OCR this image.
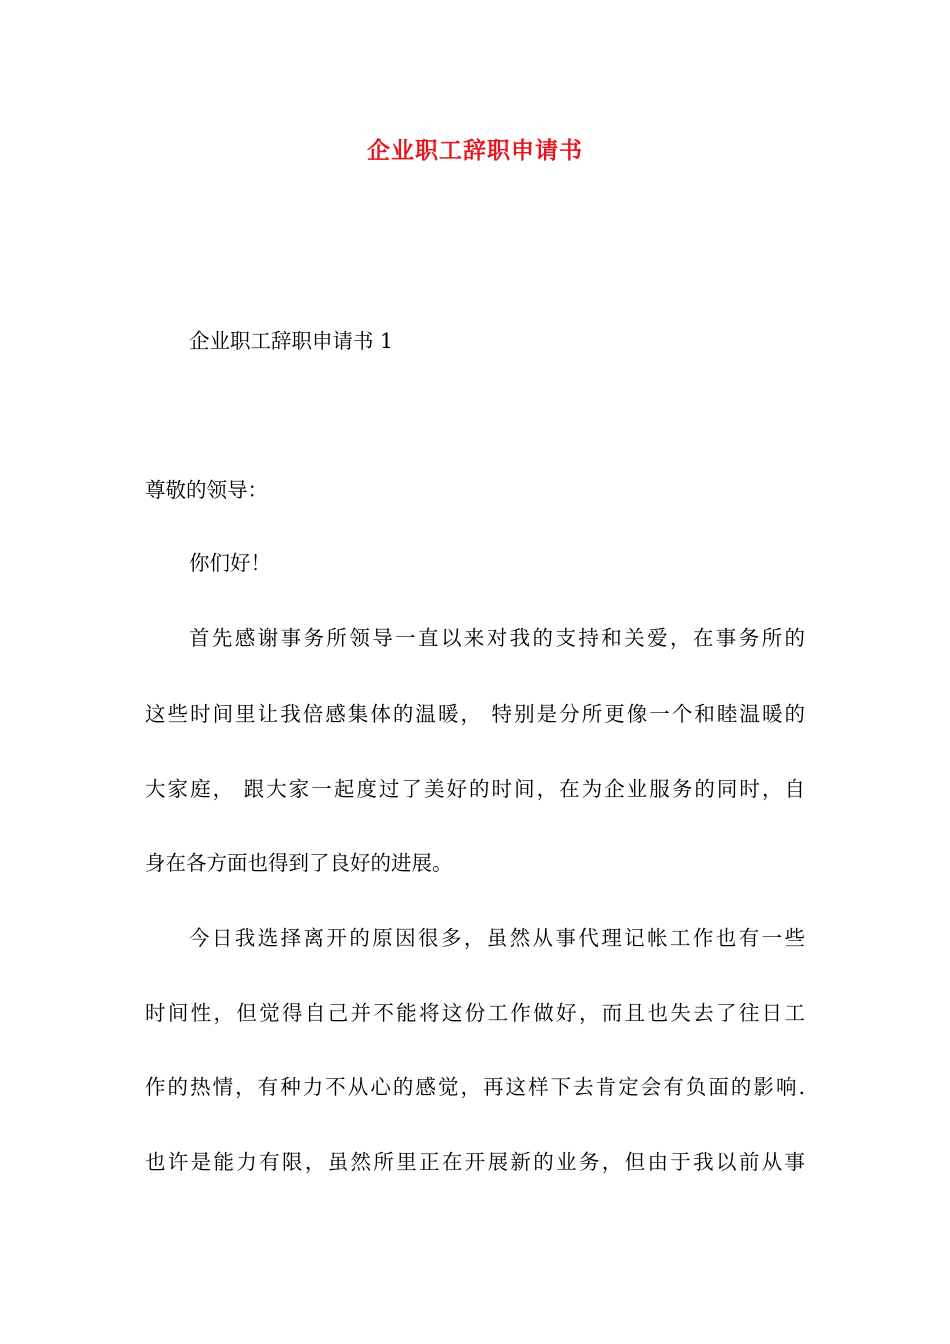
企业职工辞职申请书
企业职工辞职申请书 1
尊敬的领导：
你们好！
首先感谢事务所领导一直以来对我的支持和关爱，在事务所的
这些时间里让我倍感集体的温暖， 特别是分所更像一个和睦温暖的
大家庭， 跟大家一起度过了美好的时间，在为企业服务的同时，自
身在各方面也得到了良好的进展。
今日我选择离开的原因很多，虽然从事代理记帐工作也有一些
时间性，但觉得自己并不能将这份工作做好，而且也失去了往日工
作的热情，有种力不从心的感觉，再这样下去肯定会有负面的影响.
也许是能力有限，虽然所里正在开展新的业务，但由于我以前从事
